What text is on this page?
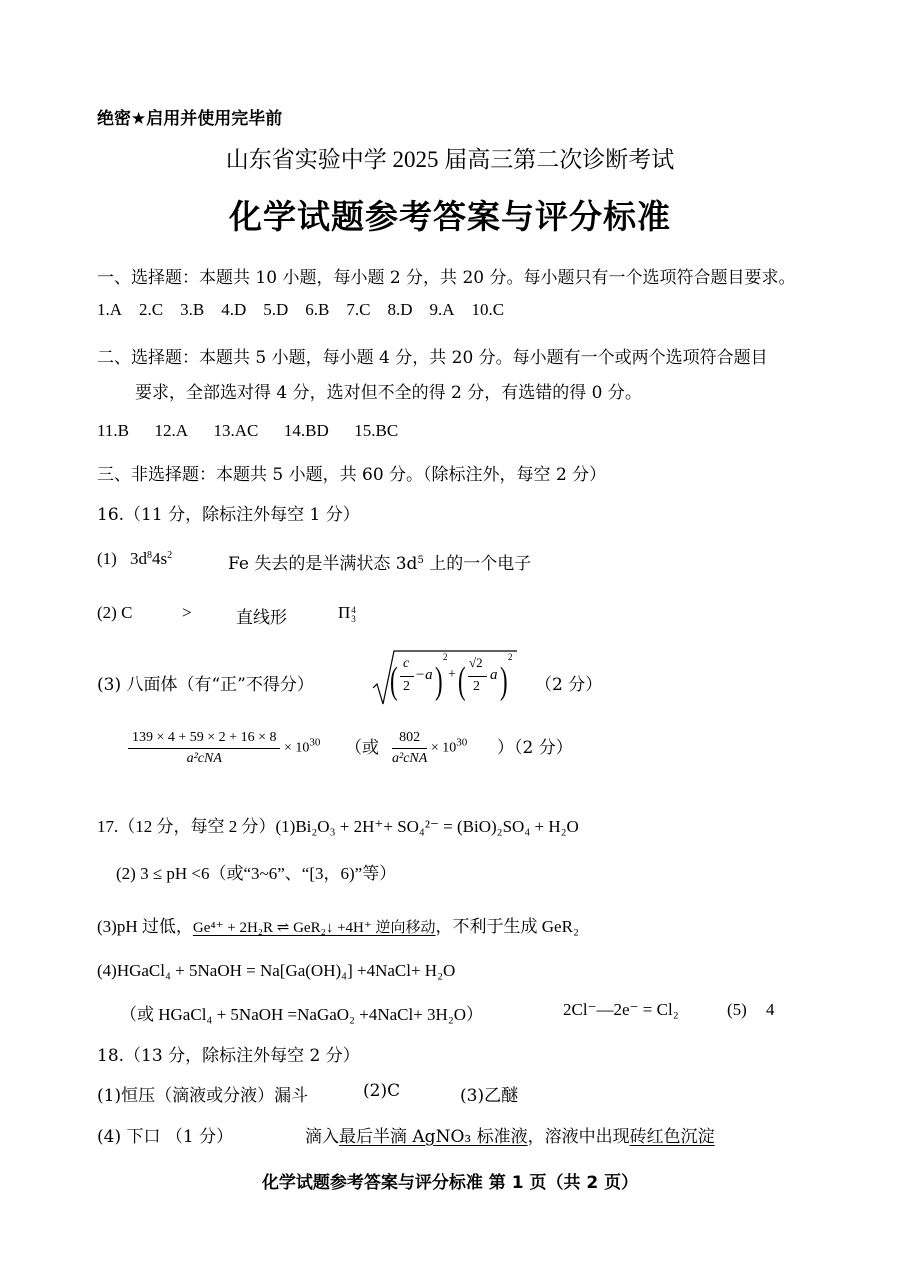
绝密★启用并使用完毕前
山东省实验中学 2025 届高三第二次诊断考试
化学试题参考答案与评分标准
一、选择题：本题共 10 小题，每小题 2 分，共 20 分。每小题只有一个选项符合题目要求。
1.A 2.C 3.B 4.D 5.D 6.B 7.C 8.D 9.A 10.C
二、选择题：本题共 5 小题，每小题 4 分，共 20 分。每小题有一个或两个选项符合题目
要求，全部选对得 4 分，选对但不全的得 2 分，有选错的得 0 分。
11.B 12.A 13.AC 14.BD 15.BC
三、非选择题：本题共 5 小题，共 60 分。（除标注外，每空 2 分）
16.（11 分，除标注外每空 1 分）
(1) $3d^84s^2$	Fe 失去的是半满状态 $3d^5$ 上的一个电子
(2) C	>	直线形	Π 4
3
(3) 八面体（有“正”不得分） ( c
2
−a )
2
+ ( √2
2
a )
2
（2 分）
$\frac{139 \times 4 + 59 \times 2 + 16 \times 8}{\text{a²cNA}} \times 10^{30}$ （或 $\frac{802}{\text{a²cNA}} \times 10^{30}$ ）（2 分）
17.（12 分，每空 2 分）(1)Bi₂O₃ + 2H⁺+ SO₄²⁻ = (BiO)₂SO₄ + H₂O
(2) 3 ≤ pH <6（或“3~6”、“[3，6)”等）
(3)pH 过低，Ge⁴⁺ + 2H₂R ⇌ GeR₂↓ +4H⁺ 逆向移动，不利于生成 GeR₂
(4)HGaCl₄ + 5NaOH = Na[Ga(OH)₄] +4NaCl+ H₂O
（或 HGaCl₄ + 5NaOH =NaGaO₂ +4NaCl+ 3H₂O）	2Cl⁻—2e⁻ = Cl₂	(5) 4
18.（13 分，除标注外每空 2 分）
(1)恒压（滴液或分液）漏斗	(2)C	(3)乙醚
(4) 下口 （1 分）	滴入最后半滴 AgNO₃ 标准液，溶液中出现砖红色沉淀
化学试题参考答案与评分标准 第 1 页（共 2 页）
